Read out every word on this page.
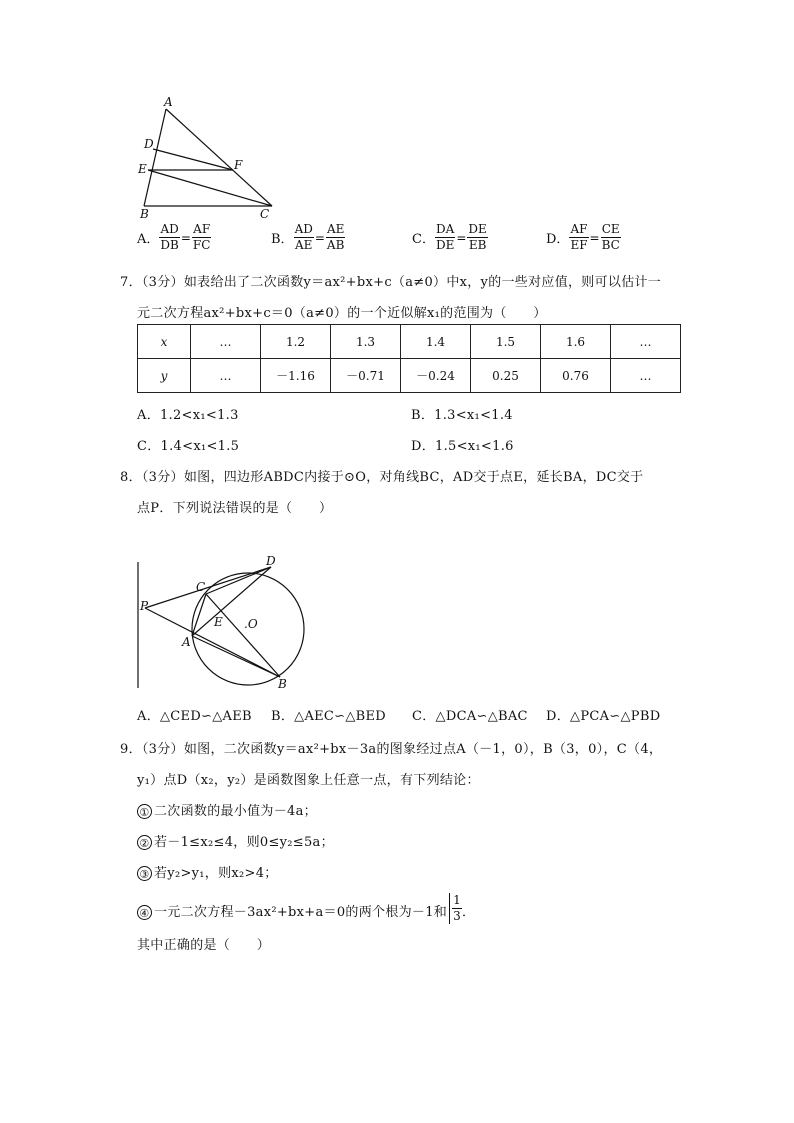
A
D
E	F
B	C
A． $\frac{AD}{DB} = \frac{AF}{FC}$	B． $\frac{AD}{AE} = \frac{AE}{AB}$	C． $\frac{DA}{DE} = \frac{DE}{EB}$	D． $\frac{AF}{EF} = \frac{CE}{BC}$
7．（3分）如表给出了二次函数y＝ax²+bx+c（a≠0）中x，y的一些对应值，则可以估计一
元二次方程ax²+bx+c＝0（a≠0）的一个近似解x₁的范围为（　　）
x	…	1.2	1.3	1.4	1.5	1.6	…
y	…	－1.16	－0.71	－0.24	0.25	0.76	…
A．1.2<x₁<1.3	B．1.3<x₁<1.4
C．1.4<x₁<1.5	D．1.5<x₁<1.6
8．（3分）如图，四边形ABDC内接于⊙O，对角线BC，AD交于点E，延长BA，DC交于
点P．下列说法错误的是（　　）
P
C
D
E .O
A
B
A．△CED∽△AEB B．△AEC∽△BED C．△DCA∽△BAC D．△PCA∽△PBD
9．（3分）如图，二次函数y＝ax²+bx－3a的图象经过点A（－1，0），B（3，0），C（4，
y₁）点D（x₂，y₂）是函数图象上任意一点，有下列结论：
① 二次函数的最小值为－4a；
② 若－1≤x₂≤4，则0≤y₂≤5a；
③ 若y₂>y₁，则x₂>4；
④ 一元二次方程－3ax²+bx+a＝0的两个根为－1和 $\frac{1}{3}$ ．
其中正确的是（　　）
